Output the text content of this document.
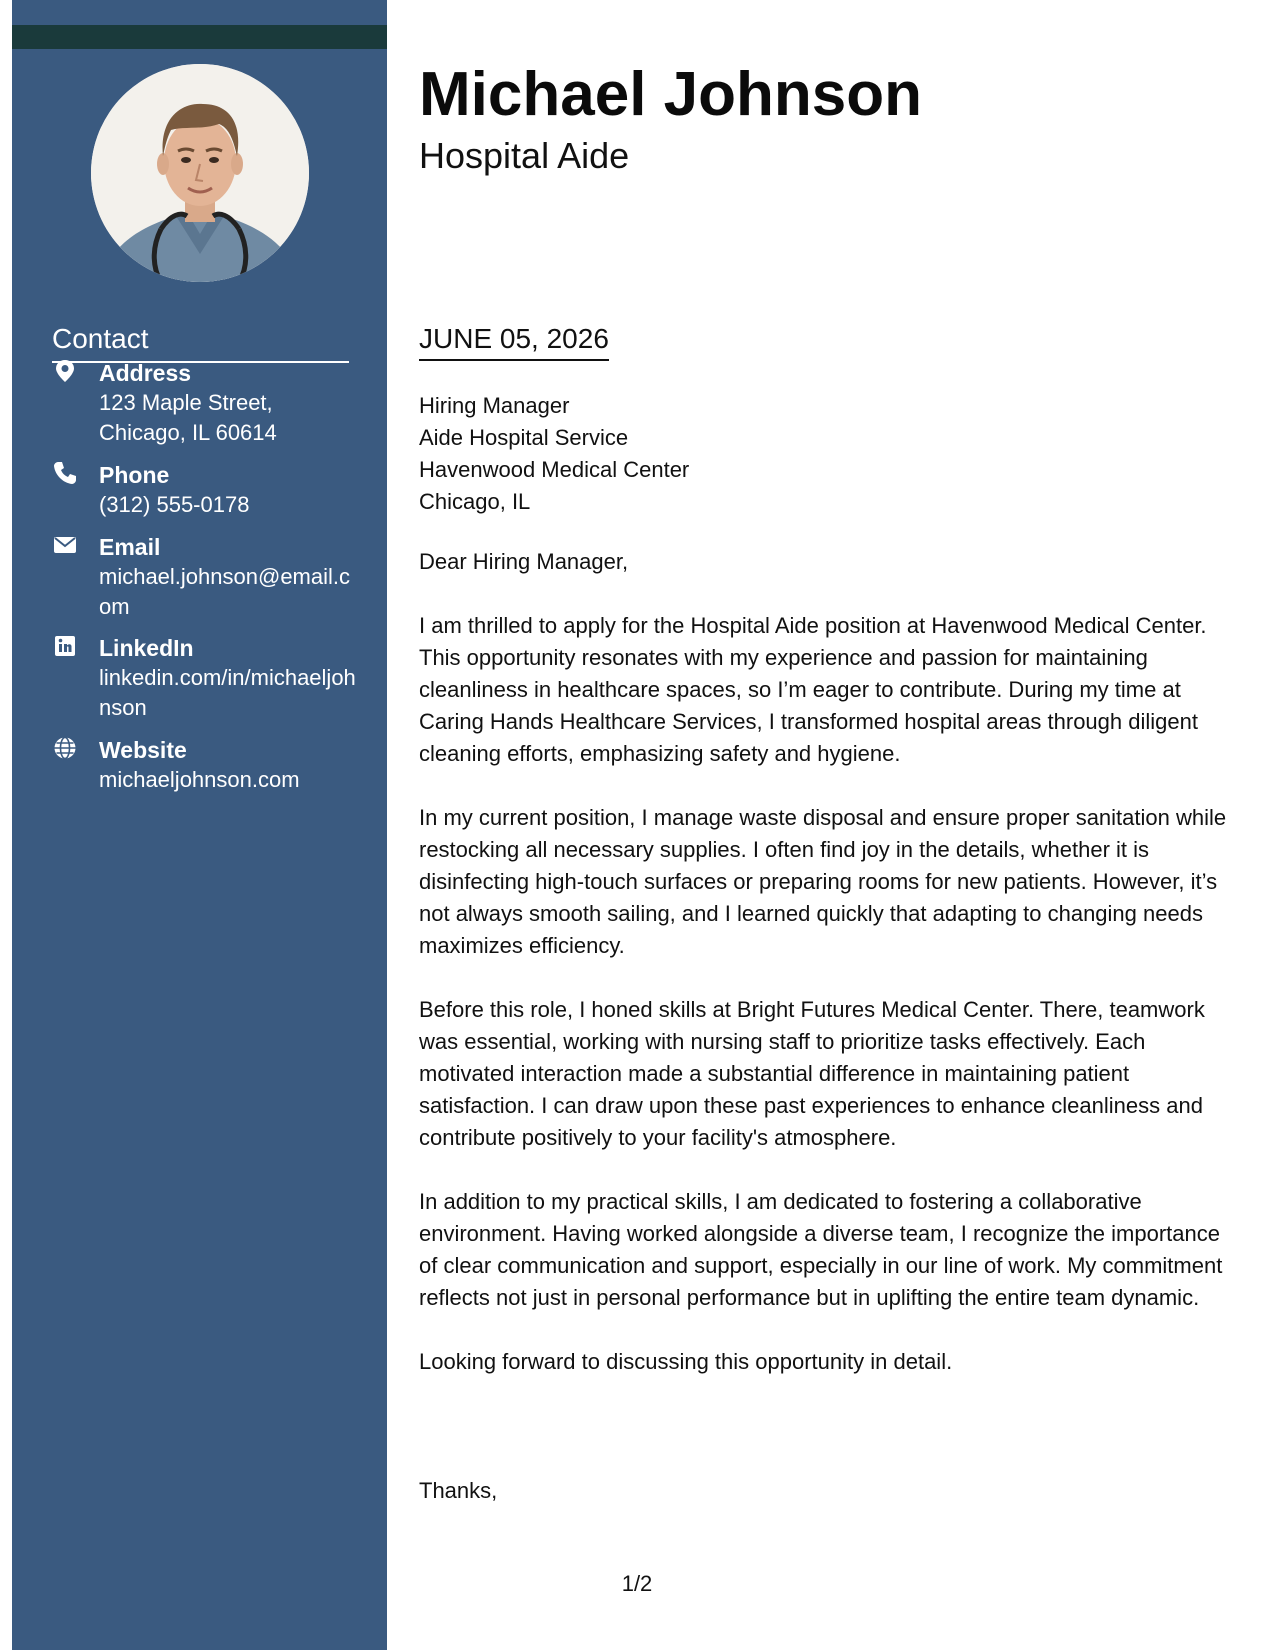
Contact
Address
123 Maple Street, Chicago, IL 60614
Phone
(312) 555-0178
Email
michael.johnson@email.com
LinkedIn
linkedin.com/in/michaeljohnson
Website
michaeljohnson.com
Michael Johnson
Hospital Aide
JUNE 05, 2026
Hiring Manager
Aide Hospital Service
Havenwood Medical Center
Chicago, IL

Dear Hiring Manager,

I am thrilled to apply for the Hospital Aide position at Havenwood Medical Center. This opportunity resonates with my experience and passion for maintaining cleanliness in healthcare spaces, so I’m eager to contribute. During my time at Caring Hands Healthcare Services, I transformed hospital areas through diligent cleaning efforts, emphasizing safety and hygiene.

In my current position, I manage waste disposal and ensure proper sanitation while restocking all necessary supplies. I often find joy in the details, whether it is disinfecting high-touch surfaces or preparing rooms for new patients. However, it’s not always smooth sailing, and I learned quickly that adapting to changing needs maximizes efficiency.

Before this role, I honed skills at Bright Futures Medical Center. There, teamwork was essential, working with nursing staff to prioritize tasks effectively. Each motivated interaction made a substantial difference in maintaining patient satisfaction. I can draw upon these past experiences to enhance cleanliness and contribute positively to your facility's atmosphere.

In addition to my practical skills, I am dedicated to fostering a collaborative environment. Having worked alongside a diverse team, I recognize the importance of clear communication and support, especially in our line of work. My commitment reflects not just in personal performance but in uplifting the entire team dynamic.

Looking forward to discussing this opportunity in detail.

Thanks,
1/2
